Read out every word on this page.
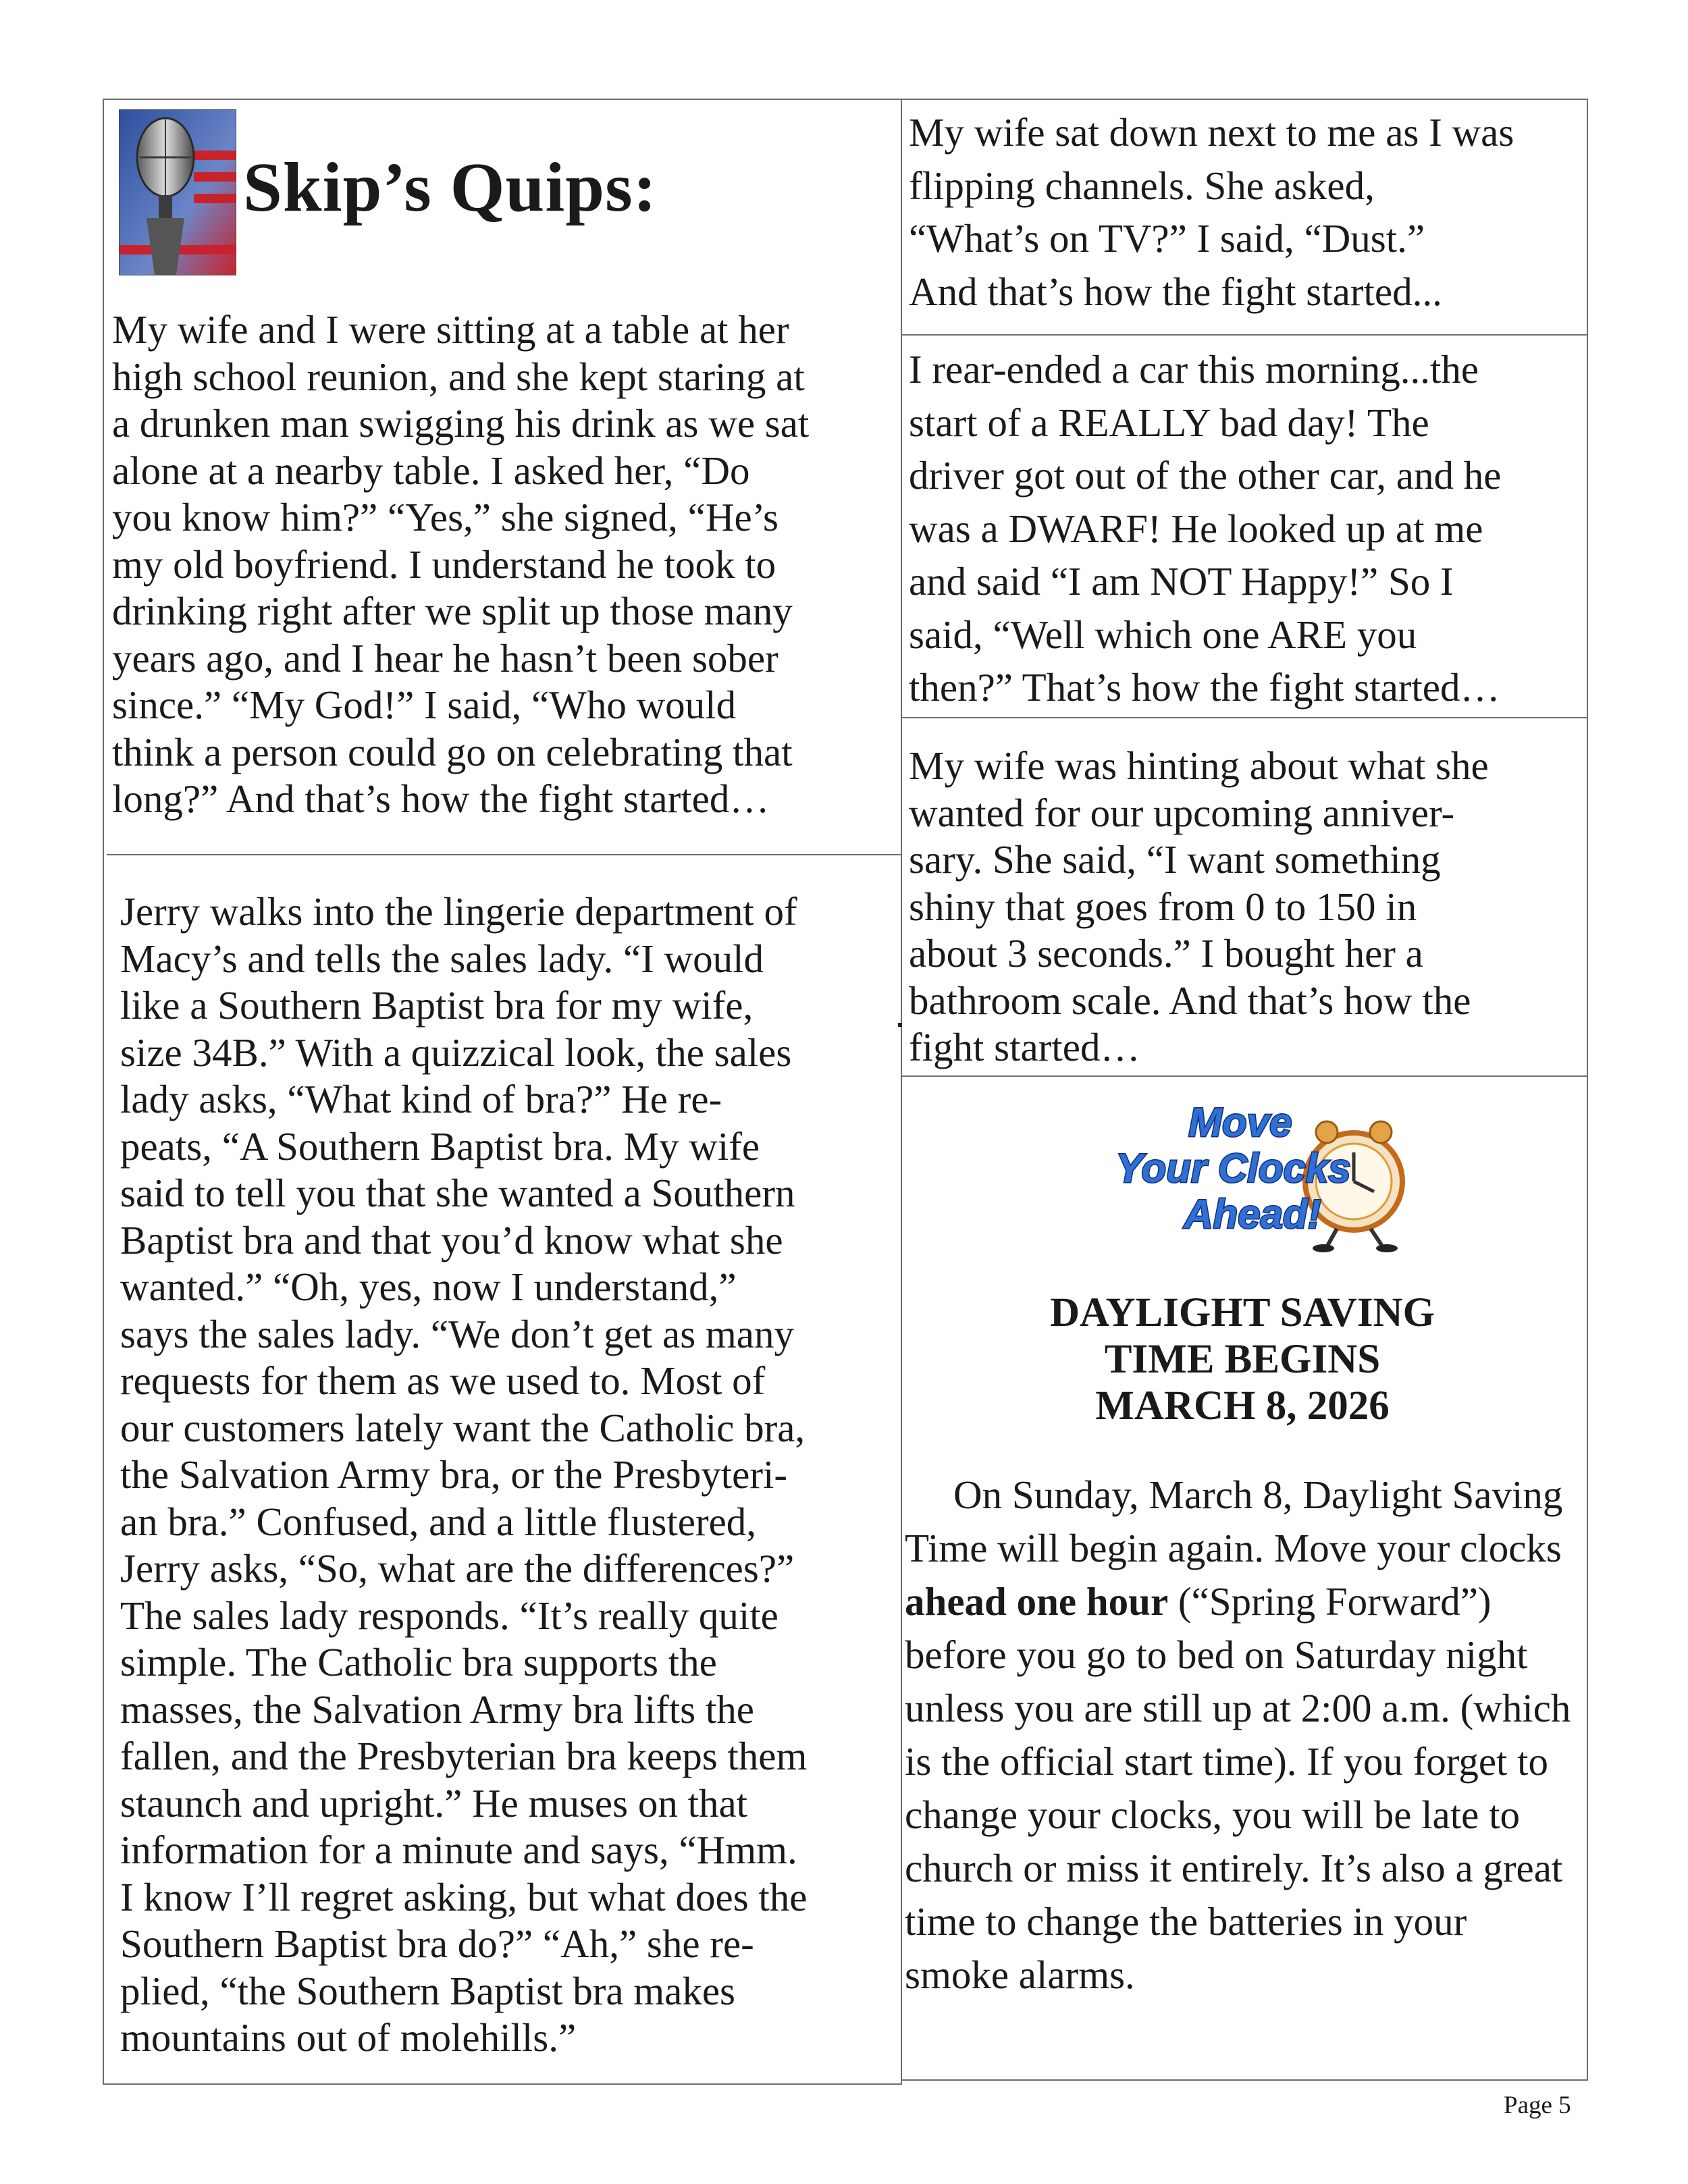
Skip’s Quips:

My wife and I were sitting at a table at her
high school reunion, and she kept staring at
a drunken man swigging his drink as we sat
alone at a nearby table. I asked her, “Do
you know him?” “Yes,” she signed, “He’s
my old boyfriend. I understand he took to
drinking right after we split up those many
years ago, and I hear he hasn’t been sober
since.” “My God!” I said, “Who would
think a person could go on celebrating that
long?” And that’s how the fight started…

Jerry walks into the lingerie department of
Macy’s and tells the sales lady. “I would
like a Southern Baptist bra for my wife,
size 34B.” With a quizzical look, the sales
lady asks, “What kind of bra?” He re-
peats, “A Southern Baptist bra. My wife
said to tell you that she wanted a Southern
Baptist bra and that you’d know what she
wanted.” “Oh, yes, now I understand,”
says the sales lady. “We don’t get as many
requests for them as we used to. Most of
our customers lately want the Catholic bra,
the Salvation Army bra, or the Presbyteri-
an bra.” Confused, and a little flustered,
Jerry asks, “So, what are the differences?”
The sales lady responds. “It’s really quite
simple. The Catholic bra supports the
masses, the Salvation Army bra lifts the
fallen, and the Presbyterian bra keeps them
staunch and upright.” He muses on that
information for a minute and says, “Hmm.
I know I’ll regret asking, but what does the
Southern Baptist bra do?” “Ah,” she re-
plied, “the Southern Baptist bra makes
mountains out of molehills.”

My wife sat down next to me as I was
flipping channels. She asked,
“What’s on TV?” I said, “Dust.”
And that’s how the fight started...

I rear-ended a car this morning...the
start of a REALLY bad day! The
driver got out of the other car, and he
was a DWARF! He looked up at me
and said “I am NOT Happy!” So I
said, “Well which one ARE you
then?” That’s how the fight started…

My wife was hinting about what she
wanted for our upcoming anniver-
sary. She said, “I want something
shiny that goes from 0 to 150 in
about 3 seconds.” I bought her a
bathroom scale. And that’s how the
fight started…

Move Your Clocks Ahead!
DAYLIGHT SAVING
TIME BEGINS
MARCH 8, 2026

On Sunday, March 8, Daylight Saving Time will begin again. Move your clocks ahead one hour (“Spring Forward”) before you go to bed on Saturday night unless you are still up at 2:00 a.m. (which is the official start time). If you forget to change your clocks, you will be late to church or miss it entirely. It’s also a great time to change the batteries in your smoke alarms.

Page 5
